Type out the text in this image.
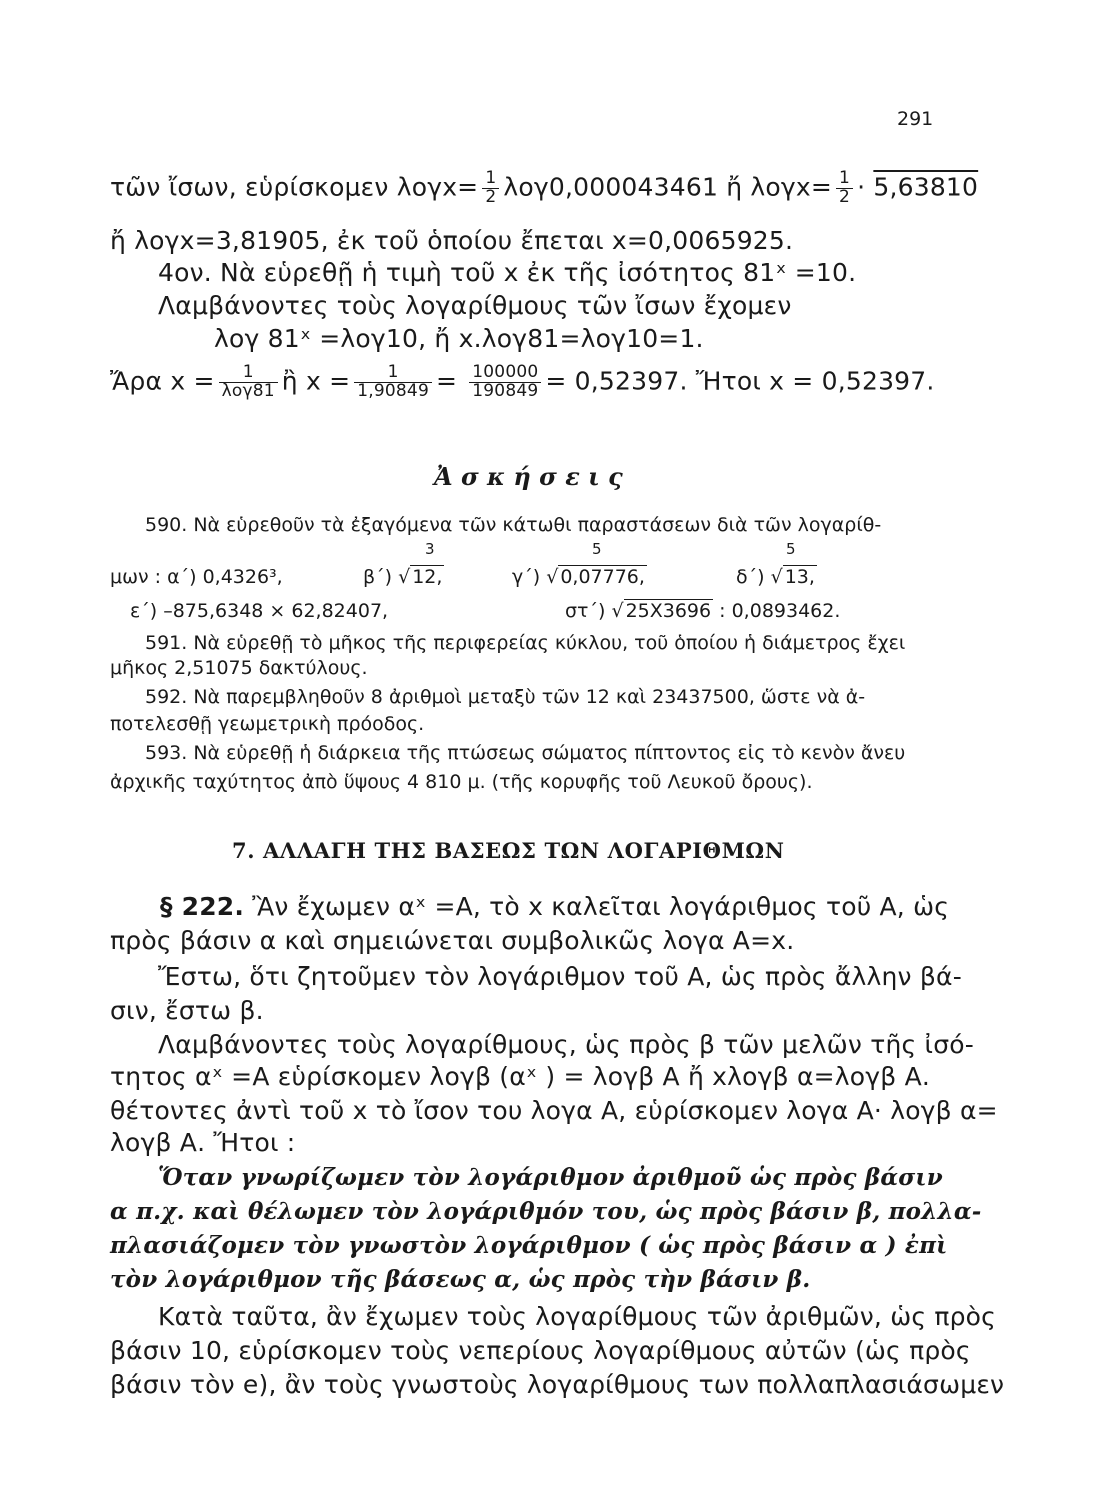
291
τῶν ἴσων, εὑρίσκομεν $\lambda o\gamma x= \frac{1}{2} \lambda o\gamma 0,000043461$ ἤ $\lambda o\gamma x= \frac{1}{2} \cdot 5,63810$
ἤ λογx=3,81905, ἐκ τοῦ ὁποίου ἔπεται x=0,0065925.
4ον. Νὰ εὑρεθῇ ἡ τιμὴ τοῦ x ἐκ τῆς ἰσότητος 81ˣ =10.
Λαμβάνοντες τοὺς λογαρίθμους τῶν ἴσων ἔχομεν
λογ 81ˣ =λογ10, ἤ x.λογ81=λογ10=1.
Ἄρα $x = \frac{1}{\text{λογ81}}$ ἢ $x = \frac{1}{1,90849} = \frac{100000}{190849} = 0,52397$. Ἤτοι x = 0,52397.
Ἀ σ κ ή σ ε ι ς
590. Νὰ εὑρεθοῦν τὰ ἐξαγόμενα τῶν κάτωθι παραστάσεων διὰ τῶν λογαρίθ-
μων : α΄) 0,4326³,	β΄) √ 12,
3
γ΄) √ 0,07776,
5
δ΄) √ 13,
5
ε΄) –875,6348 × 62,82407,	στ΄) √ 25X3696 : 0,0893462.
591. Νὰ εὑρεθῇ τὸ μῆκος τῆς περιφερείας κύκλου, τοῦ ὁποίου ἡ διάμετρος ἔχει
μῆκος 2,51075 δακτύλους.
592. Νὰ παρεμβληθοῦν 8 ἀριθμοὶ μεταξὺ τῶν 12 καὶ 23437500, ὥστε νὰ ἀ-
ποτελεσθῇ γεωμετρικὴ πρόοδος.
593. Νὰ εὑρεθῇ ἡ διάρκεια τῆς πτώσεως σώματος πίπτοντος εἰς τὸ κενὸν ἄνευ
ἀρχικῆς ταχύτητος ἀπὸ ὕψους 4 810 μ. (τῆς κορυφῆς τοῦ Λευκοῦ ὄρους).
7. ΑΛΛΑΓΗ ΤΗΣ ΒΑΣΕΩΣ ΤΩΝ ΛΟΓΑΡΙΘΜΩΝ
§ 222. Ἂν ἔχωμεν αˣ =Α, τὸ x καλεῖται λογάριθμος τοῦ Α, ὡς
πρὸς βάσιν α καὶ σημειώνεται συμβολικῶς λογα Α=x.
Ἔστω, ὅτι ζητοῦμεν τὸν λογάριθμον τοῦ Α, ὡς πρὸς ἄλλην βά-
σιν, ἔστω β.
Λαμβάνοντες τοὺς λογαρίθμους, ὡς πρὸς β τῶν μελῶν τῆς ἰσό-
τητος αˣ =Α εὑρίσκομεν λογβ (αˣ ) = λογβ Α ἤ xλογβ α=λογβ Α.
θέτοντες ἀντὶ τοῦ x τὸ ἴσον του λογα Α, εὑρίσκομεν λογα Α· λογβ α=
λογβ Α. Ἤτοι :
Ὅταν γνωρίζωμεν τὸν λογάριθμον ἀριθμοῦ ὡς πρὸς βάσιν
α π.χ. καὶ θέλωμεν τὸν λογάριθμόν του, ὡς πρὸς βάσιν β, πολλα-
πλασιάζομεν τὸν γνωστὸν λογάριθμον ( ὡς πρὸς βάσιν α ) ἐπὶ
τὸν λογάριθμον τῆς βάσεως α, ὡς πρὸς τὴν βάσιν β.
Κατὰ ταῦτα, ἂν ἔχωμεν τοὺς λογαρίθμους τῶν ἀριθμῶν, ὡς πρὸς
βάσιν 10, εὑρίσκομεν τοὺς νεπερίους λογαρίθμους αὐτῶν (ὡς πρὸς
βάσιν τὸν e), ἂν τοὺς γνωστοὺς λογαρίθμους των πολλαπλασιάσωμεν
